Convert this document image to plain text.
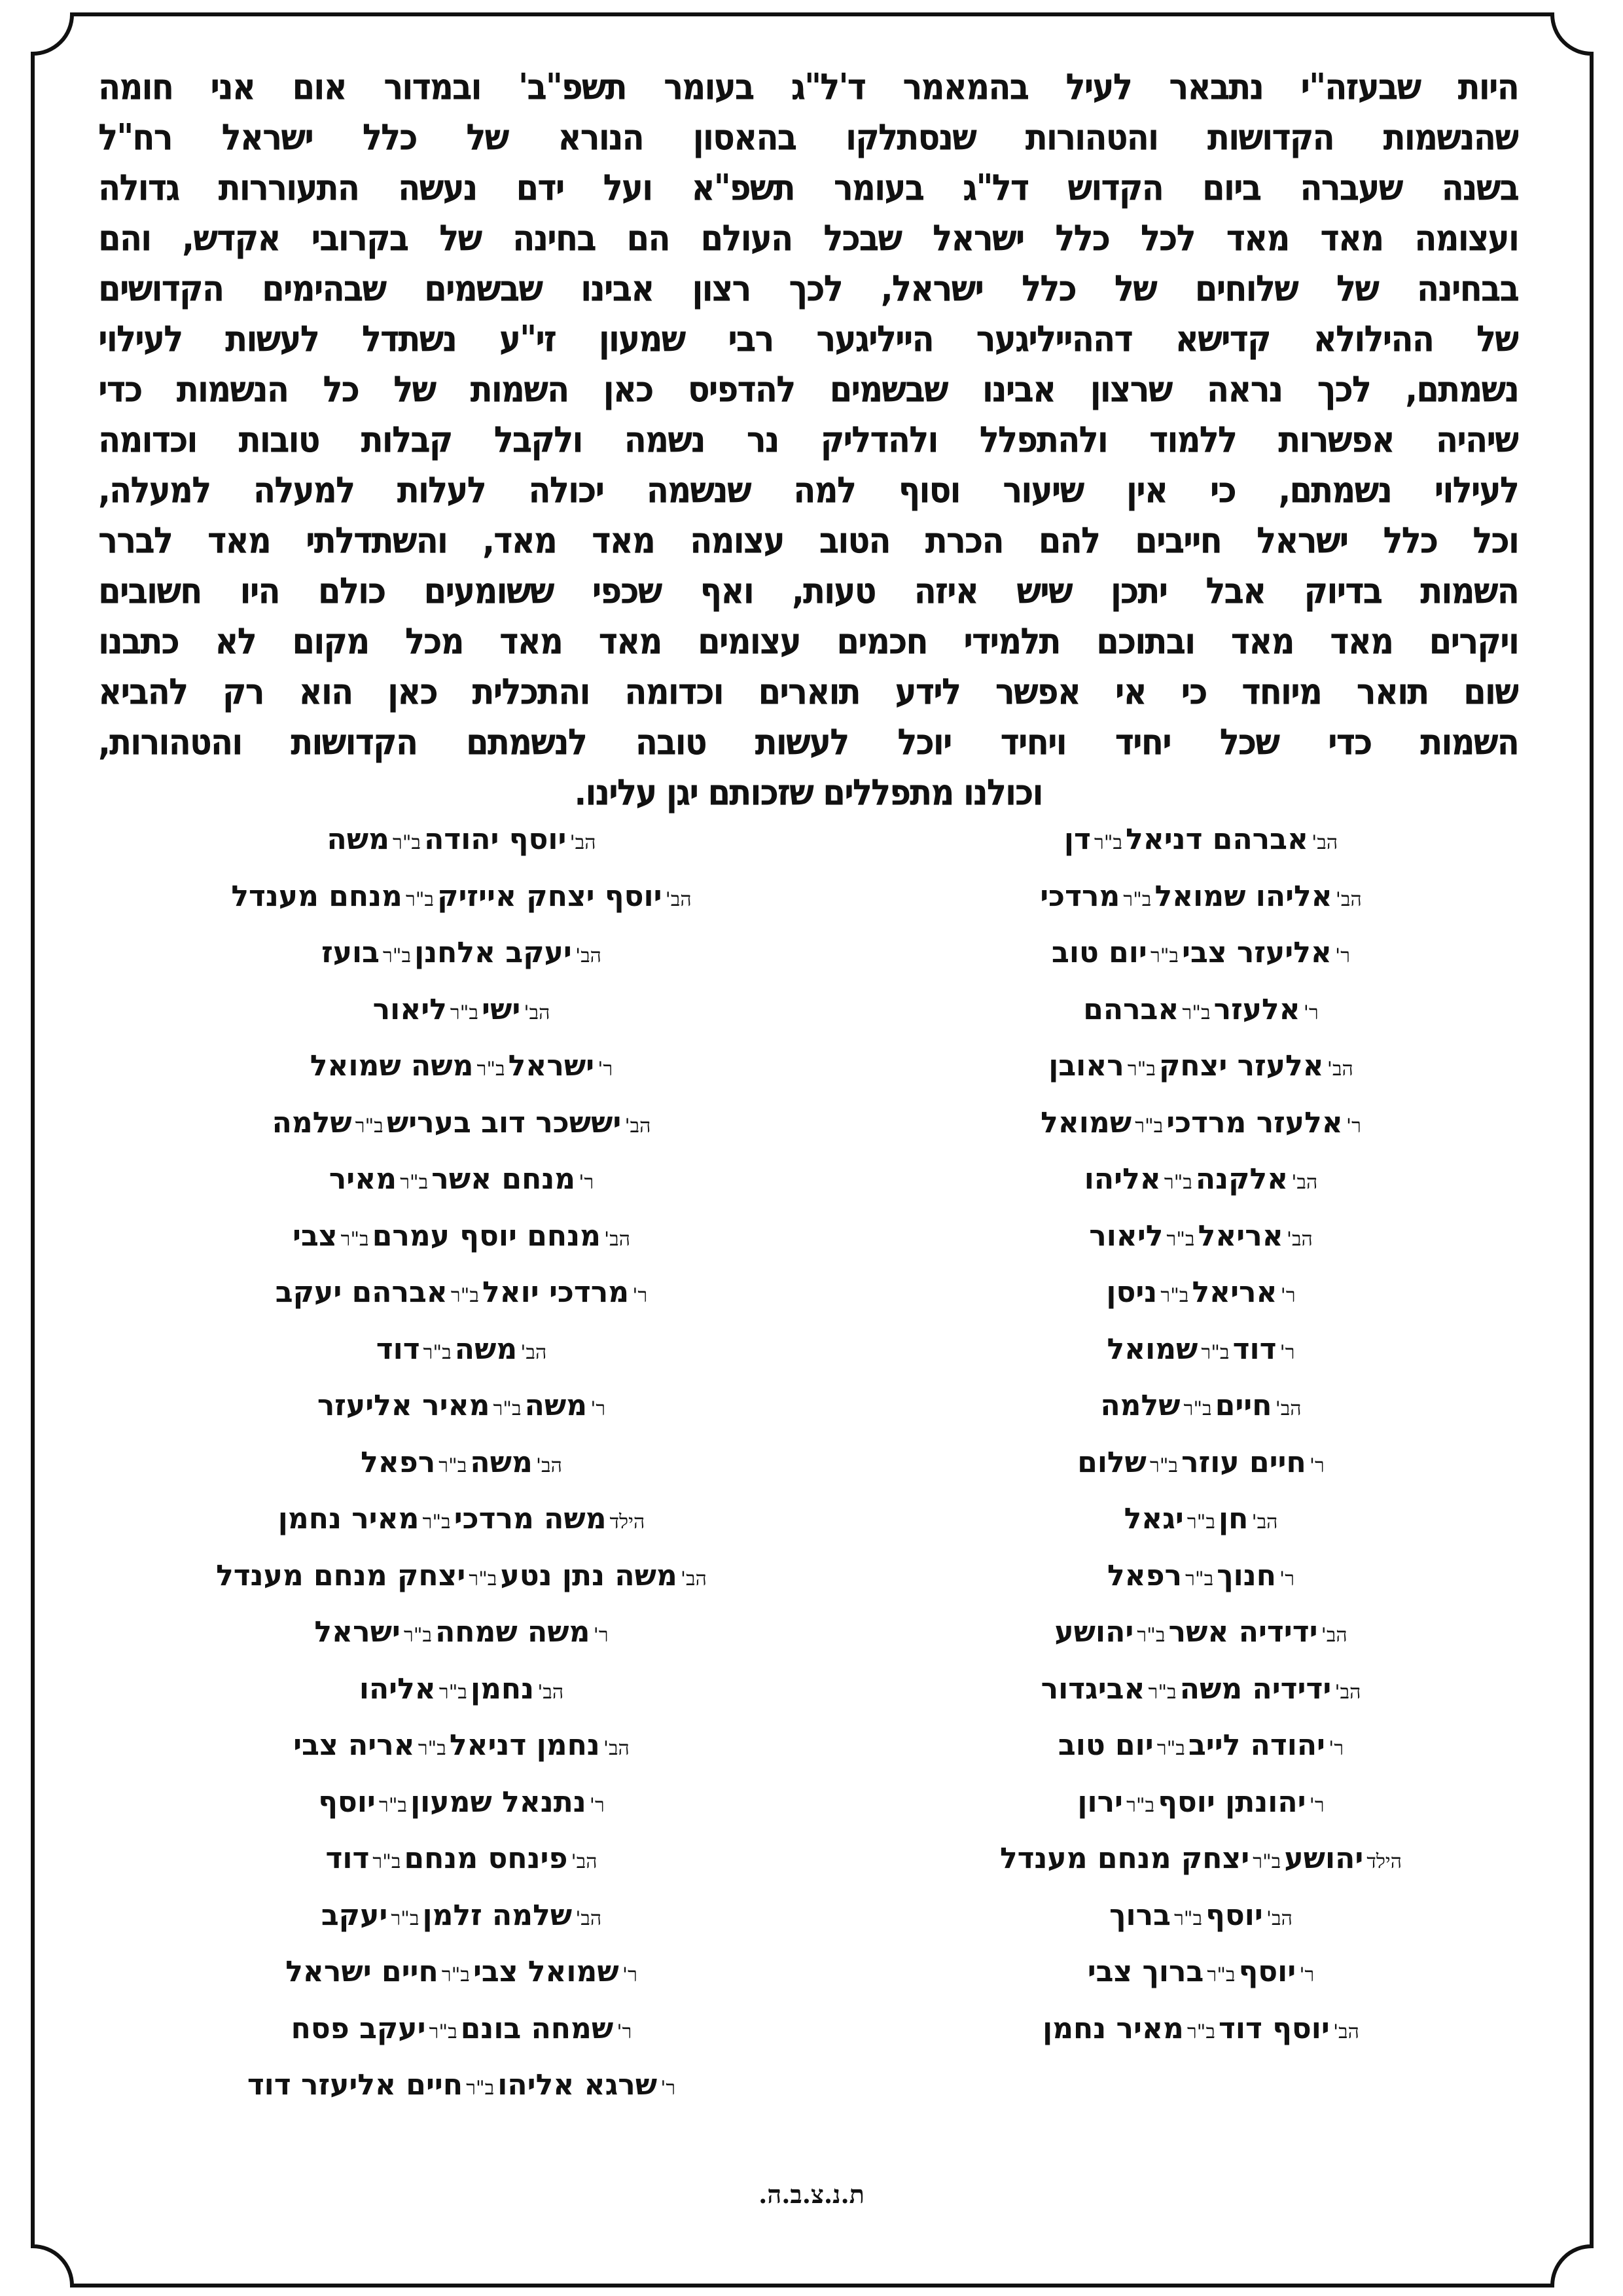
היות שבעזה"י נתבאר לעיל בהמאמר ד'ל"ג בעומר תשפ"ב' ובמדור אום אני חומה
שהנשמות הקדושות והטהורות שנסתלקו בהאסון הנורא של כלל ישראל רח"ל
בשנה שעברה ביום הקדוש דל"ג בעומר תשפ"א ועל ידם נעשה התעוררות גדולה
ועצומה מאד מאד לכל כלל ישראל שבכל העולם הם בחינה של בקרובי אקדש, והם
בבחינה של שלוחים של כלל ישראל, לכך רצון אבינו שבשמים שבהימים הקדושים
של ההילולא קדישא דההייליגער הייליגער רבי שמעון זי"ע נשתדל לעשות לעילוי
נשמתם, לכך נראה שרצון אבינו שבשמים להדפיס כאן השמות של כל הנשמות כדי
שיהיה אפשרות ללמוד ולהתפלל ולהדליק נר נשמה ולקבל קבלות טובות וכדומה
לעילוי נשמתם, כי אין שיעור וסוף למה שנשמה יכולה לעלות למעלה למעלה,
וכל כלל ישראל חייבים להם הכרת הטוב עצומה מאד מאד, והשתדלתי מאד לברר
השמות בדיוק אבל יתכן שיש איזה טעות, ואף שכפי ששומעים כולם היו חשובים
ויקרים מאד מאד ובתוכם תלמידי חכמים עצומים מאד מאד מכל מקום לא כתבנו
שום תואר מיוחד כי אי אפשר לידע תוארים וכדומה והתכלית כאן הוא רק להביא
השמות כדי שכל יחיד ויחיד יוכל לעשות טובה לנשמתם הקדושות והטהורות,
וכולנו מתפללים שזכותם יגן עלינו.
הב' אברהם דניאל ב"ר דן
הב' אליהו שמואל ב"ר מרדכי
ר' אליעזר צבי ב"ר יום טוב
ר' אלעזר ב"ר אברהם
הב' אלעזר יצחק ב"ר ראובן
ר' אלעזר מרדכי ב"ר שמואל
הב' אלקנה ב"ר אליהו
הב' אריאל ב"ר ליאור
ר' אריאל ב"ר ניסן
ר' דוד ב"ר שמואל
הב' חיים ב"ר שלמה
ר' חיים עוזר ב"ר שלום
הב' חן ב"ר יגאל
ר' חנוך ב"ר רפאל
הב' ידידיה אשר ב"ר יהושע
הב' ידידיה משה ב"ר אביגדור
ר' יהודה לייב ב"ר יום טוב
ר' יהונתן יוסף ב"ר ירון
הילד יהושע ב"ר יצחק מנחם מענדל
הב' יוסף ב"ר ברוך
ר' יוסף ב"ר ברוך צבי
הב' יוסף דוד ב"ר מאיר נחמן
הב' יוסף יהודה ב"ר משה
הב' יוסף יצחק אייזיק ב"ר מנחם מענדל
הב' יעקב אלחנן ב"ר בועז
הב' ישי ב"ר ליאור
ר' ישראל ב"ר משה שמואל
הב' יששכר דוב בעריש ב"ר שלמה
ר' מנחם אשר ב"ר מאיר
הב' מנחם יוסף עמרם ב"ר צבי
ר' מרדכי יואל ב"ר אברהם יעקב
הב' משה ב"ר דוד
ר' משה ב"ר מאיר אליעזר
הב' משה ב"ר רפאל
הילד משה מרדכי ב"ר מאיר נחמן
הב' משה נתן נטע ב"ר יצחק מנחם מענדל
ר' משה שמחה ב"ר ישראל
הב' נחמן ב"ר אליהו
הב' נחמן דניאל ב"ר אריה צבי
ר' נתנאל שמעון ב"ר יוסף
הב' פינחס מנחם ב"ר דוד
הב' שלמה זלמן ב"ר יעקב
ר' שמואל צבי ב"ר חיים ישראל
ר' שמחה בונם ב"ר יעקב פסח
ר' שרגא אליהו ב"ר חיים אליעזר דוד
ת.נ.צ.ב.ה.
